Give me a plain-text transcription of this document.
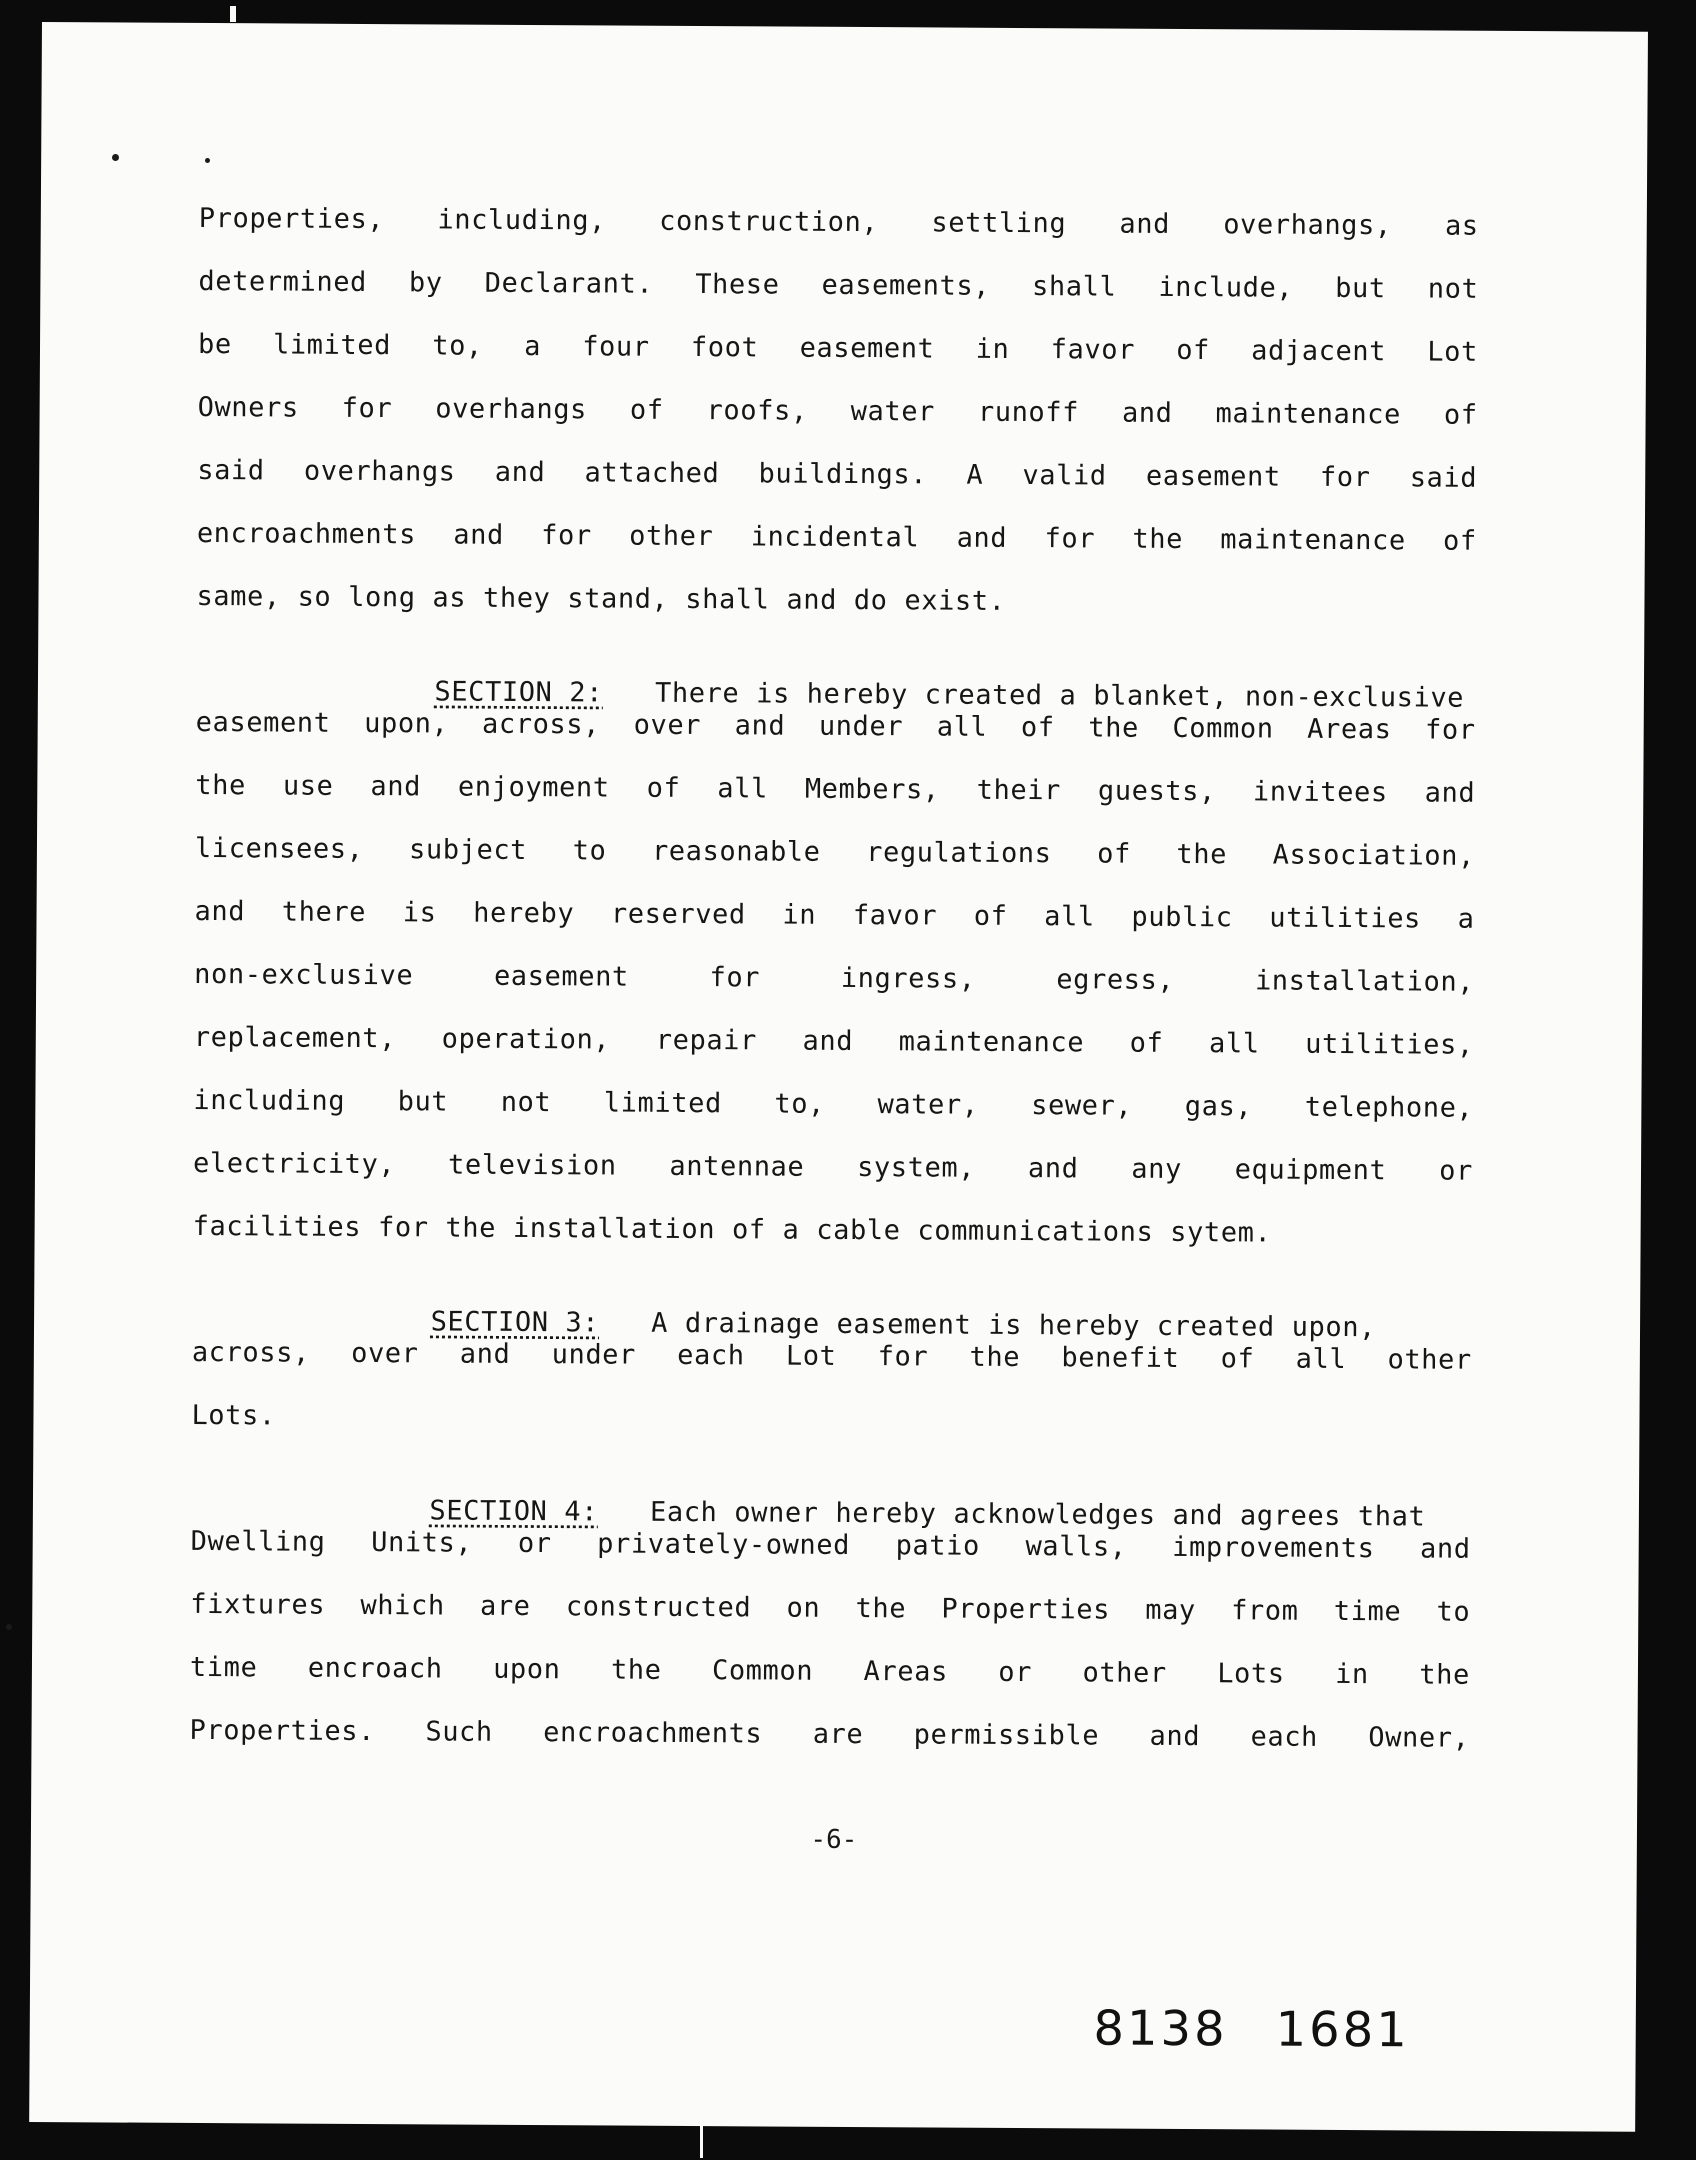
Properties, including, construction, settling and overhangs, as
determined by Declarant. These easements, shall include, but not
be limited to, a four foot easement in favor of adjacent Lot
Owners for overhangs of roofs, water runoff and maintenance of
said overhangs and attached buildings. A valid easement for said
encroachments and for other incidental and for the maintenance of
same, so long as they stand, shall and do exist.

SECTION 2: There is hereby created a blanket, non-exclusive

easement upon, across, over and under all of the Common Areas for
the use and enjoyment of all Members, their guests, invitees and
licensees, subject to reasonable regulations of the Association,
and there is hereby reserved in favor of all public utilities a
non-exclusive	easement	for	ingress,	egress,	installation,
replacement, operation, repair and maintenance of all utilities,
including but not limited to, water, sewer, gas, telephone,
electricity, television antennae system, and any equipment or
facilities for the installation of a cable communications sytem.

SECTION 3: A drainage easement is hereby created upon,

across, over and under each Lot for the benefit of all other
Lots.

SECTION 4: Each owner hereby acknowledges and agrees that

Dwelling Units, or privately-owned patio walls, improvements and
fixtures which are constructed on the Properties may from time to
time encroach upon the Common Areas or other Lots in the
Properties. Such encroachments are permissible and each Owner,
-6-
8138 1681
